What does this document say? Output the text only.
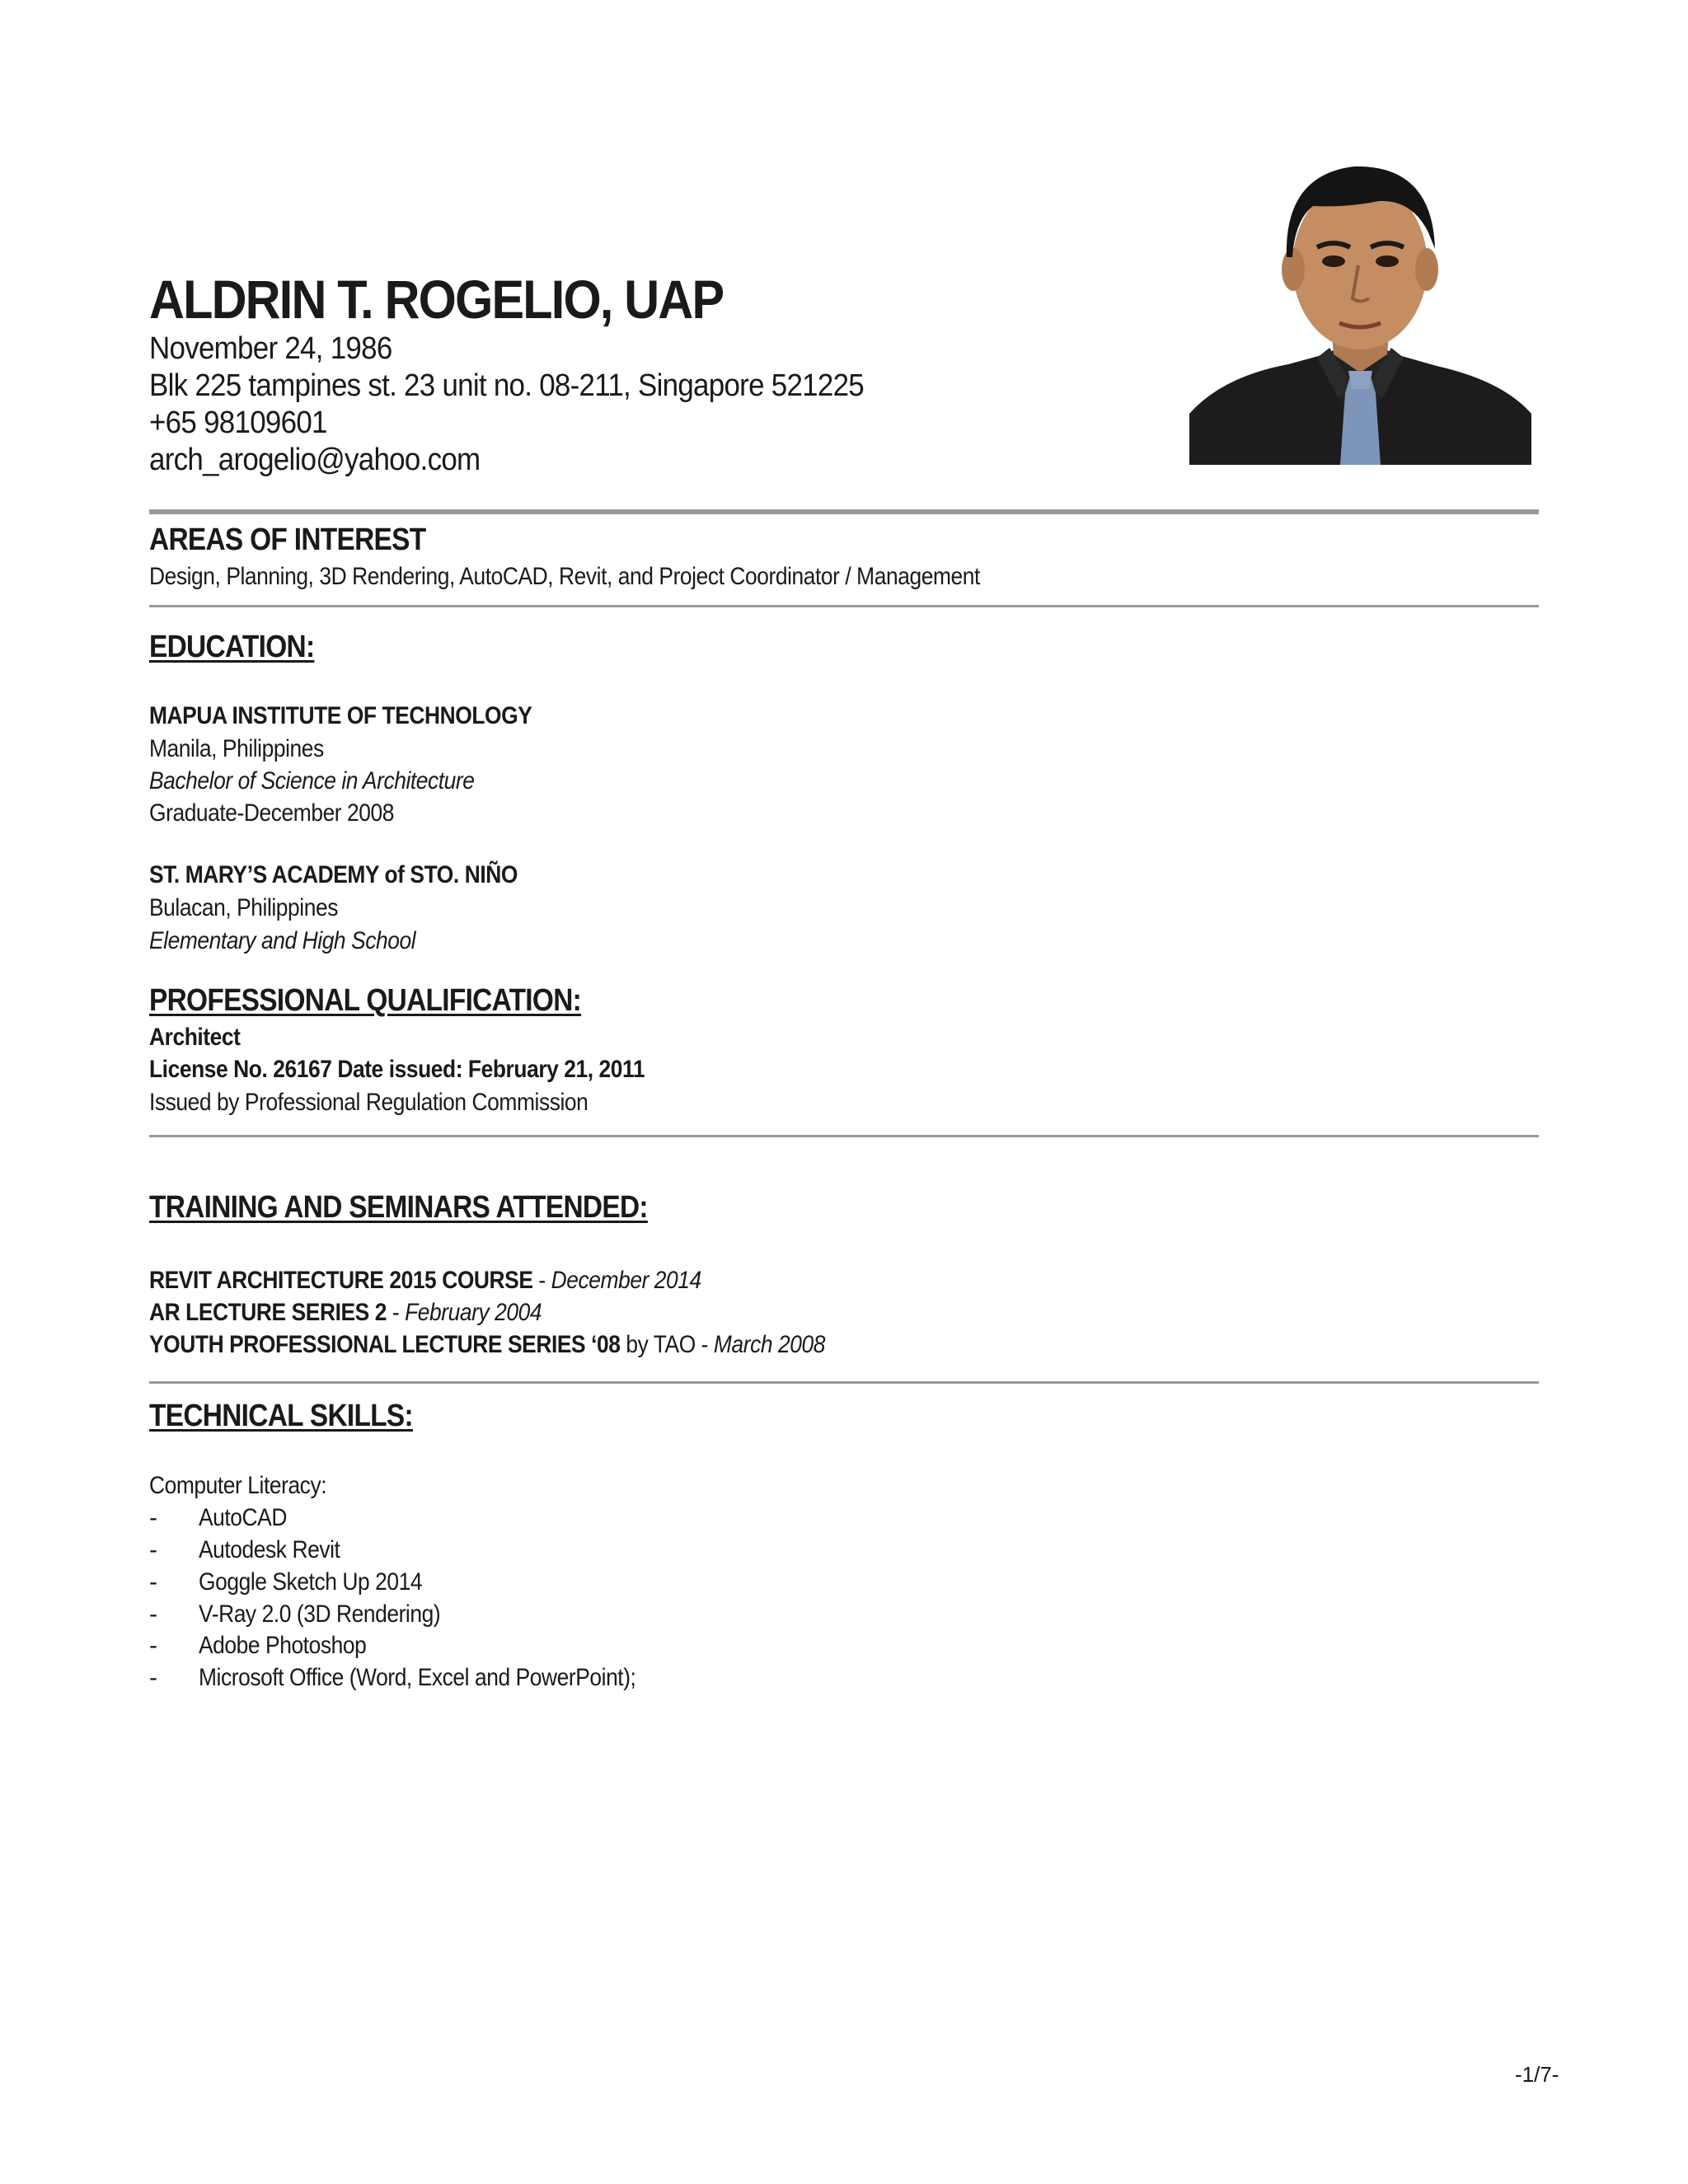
ALDRIN T. ROGELIO, UAP
November 24, 1986
Blk 225 tampines st. 23 unit no. 08-211, Singapore 521225
+65 98109601
arch_arogelio@yahoo.com
AREAS OF INTEREST
Design, Planning, 3D Rendering, AutoCAD, Revit, and Project Coordinator / Management
EDUCATION:
MAPUA INSTITUTE OF TECHNOLOGY
Manila, Philippines
Bachelor of Science in Architecture
Graduate-December 2008
ST. MARY’S ACADEMY of STO. NIÑO
Bulacan, Philippines
Elementary and High School
PROFESSIONAL QUALIFICATION:
Architect
License No. 26167 Date issued: February 21, 2011
Issued by Professional Regulation Commission
TRAINING AND SEMINARS ATTENDED:
REVIT ARCHITECTURE 2015 COURSE - December 2014
AR LECTURE SERIES 2 - February 2004
YOUTH PROFESSIONAL LECTURE SERIES ‘08 by TAO - March 2008
TECHNICAL SKILLS:
Computer Literacy:
- AutoCAD
- Autodesk Revit
- Goggle Sketch Up 2014
- V-Ray 2.0 (3D Rendering)
- Adobe Photoshop
- Microsoft Office (Word, Excel and PowerPoint);
-1/7-
